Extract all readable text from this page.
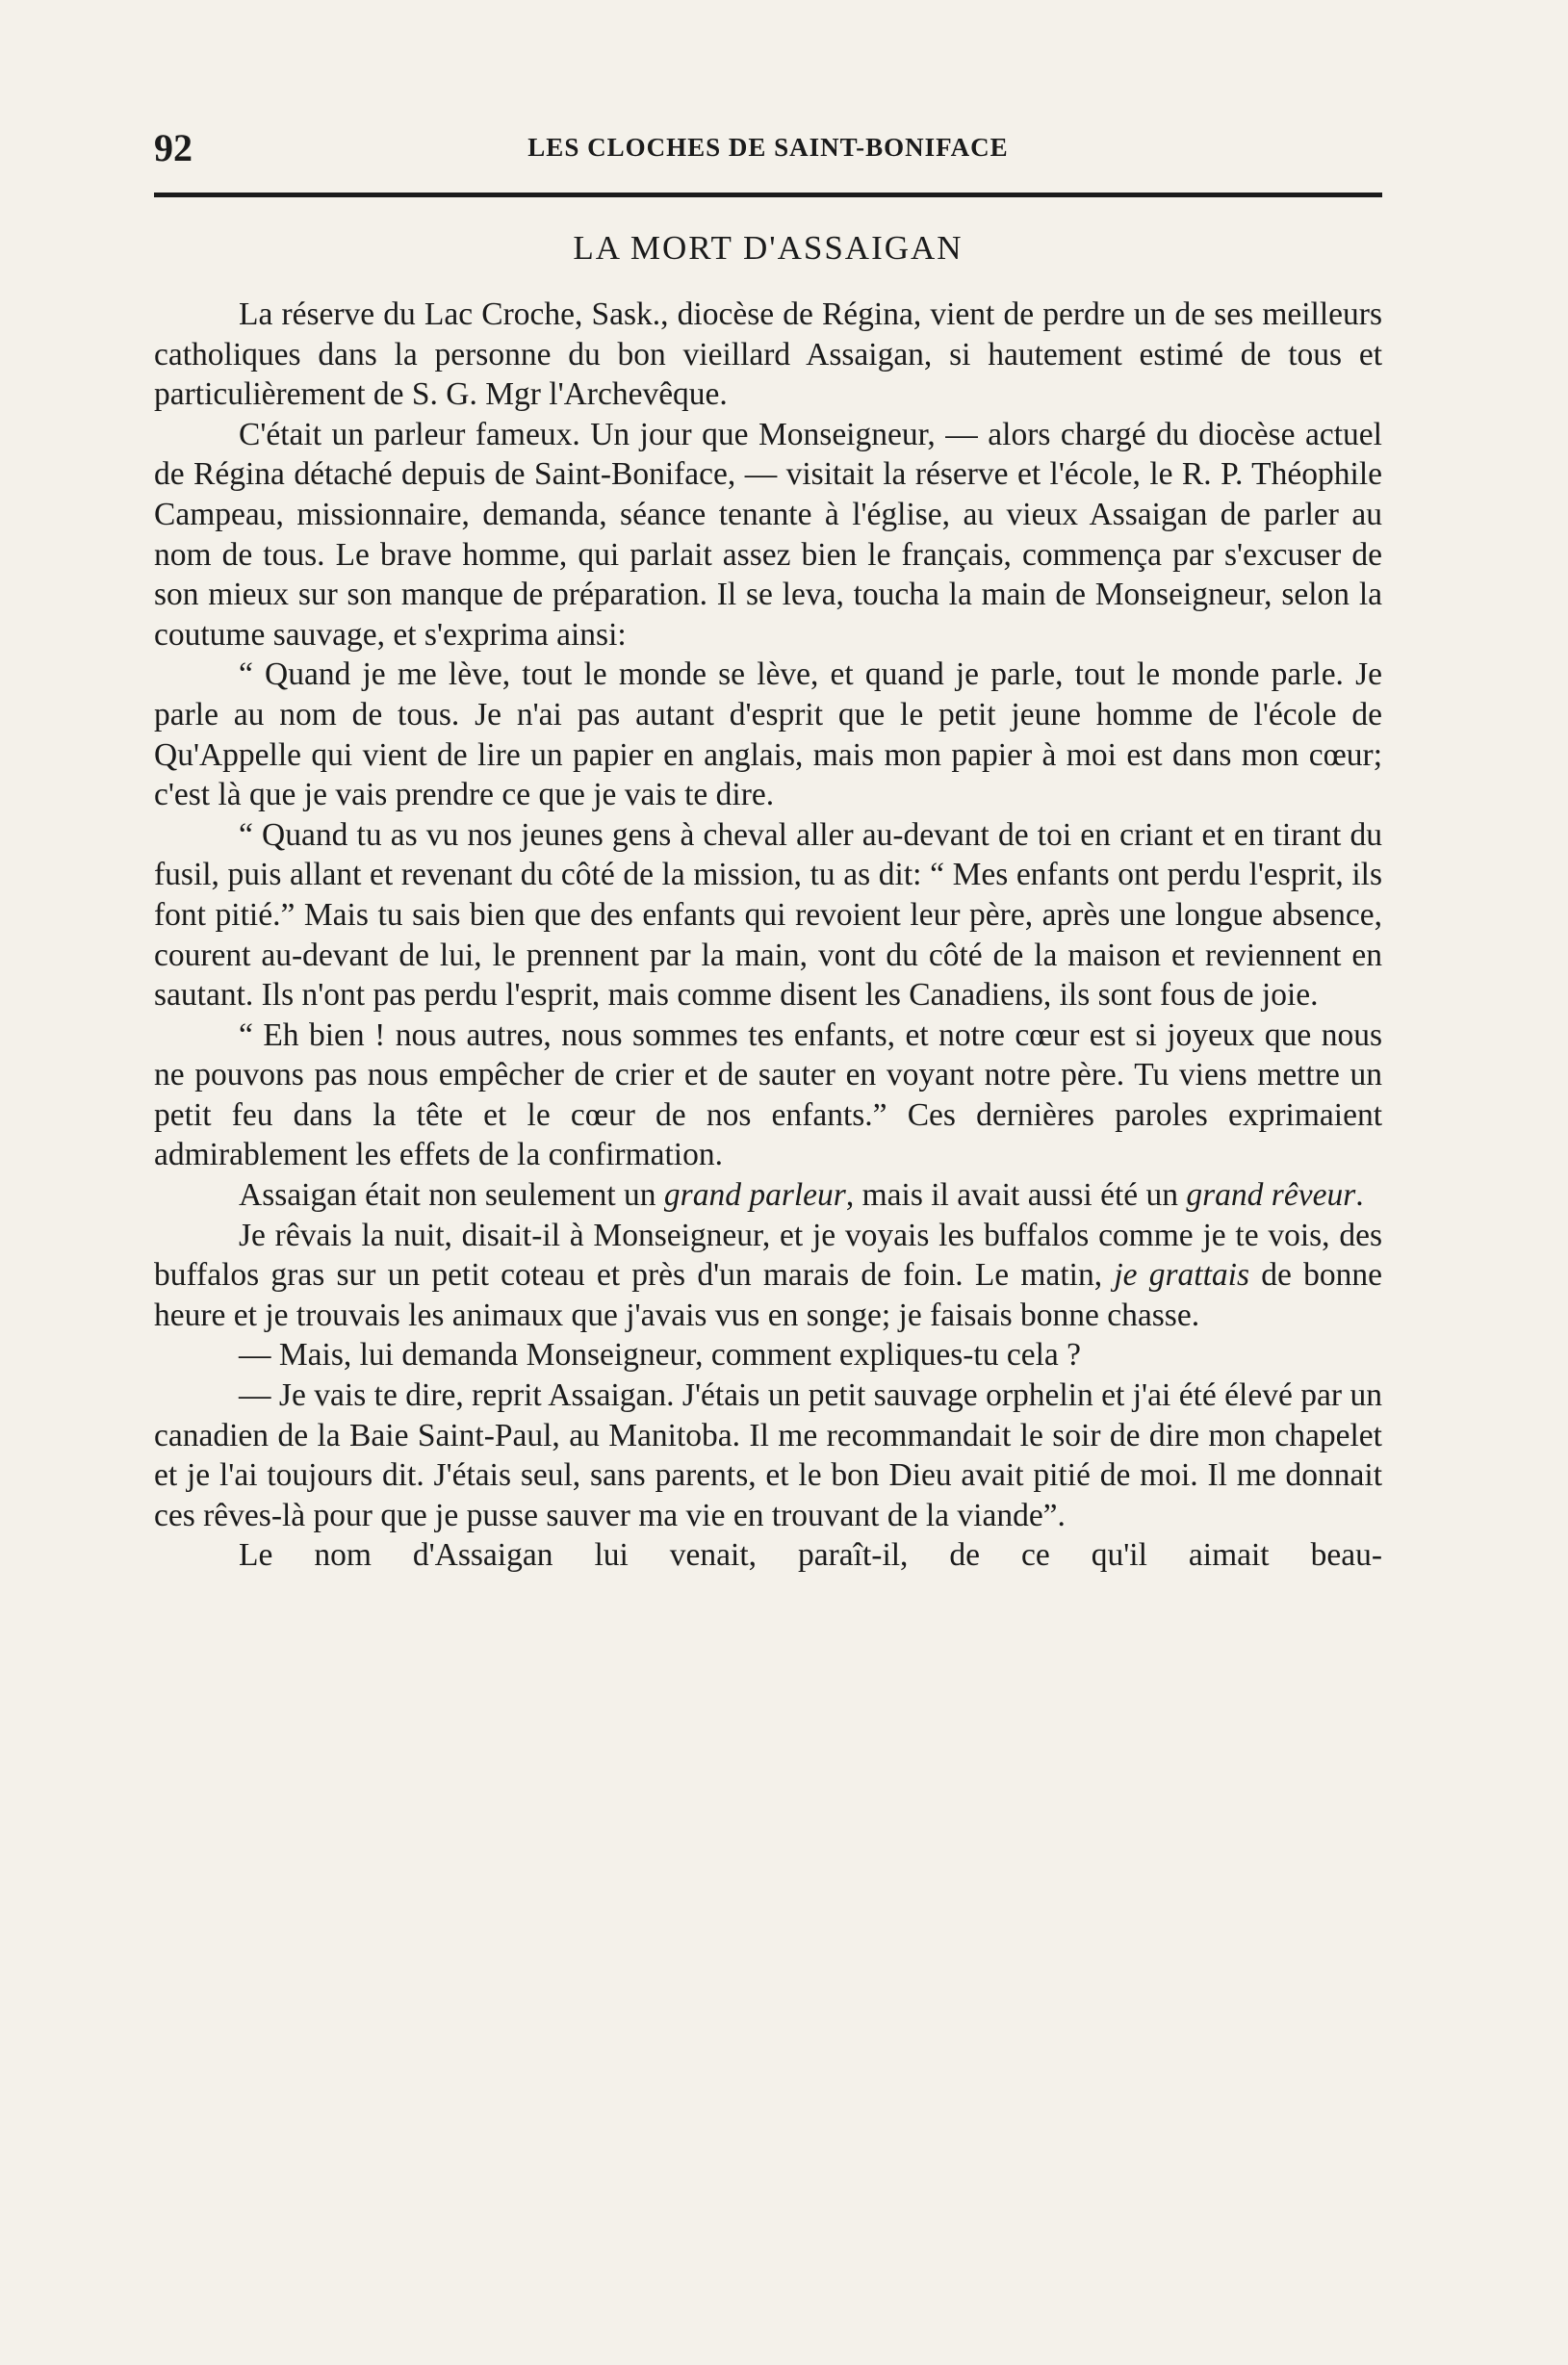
92	LES CLOCHES DE SAINT-BONIFACE
LA MORT D'ASSAIGAN

La réserve du Lac Croche, Sask., diocèse de Régina, vient de perdre un de ses meilleurs catholiques dans la personne du bon vieillard Assaigan, si hautement estimé de tous et particulièrement de S. G. Mgr l'Archevêque.

C'était un parleur fameux. Un jour que Monseigneur, — alors chargé du diocèse actuel de Régina détaché depuis de Saint-Boniface, — visitait la réserve et l'école, le R. P. Théophile Campeau, missionnaire, demanda, séance tenante à l'église, au vieux Assaigan de parler au nom de tous. Le brave homme, qui parlait assez bien le français, commença par s'excuser de son mieux sur son manque de préparation. Il se leva, toucha la main de Monseigneur, selon la coutume sauvage, et s'exprima ainsi:

“ Quand je me lève, tout le monde se lève, et quand je parle, tout le monde parle. Je parle au nom de tous. Je n'ai pas autant d'esprit que le petit jeune homme de l'école de Qu'Appelle qui vient de lire un papier en anglais, mais mon papier à moi est dans mon cœur; c'est là que je vais prendre ce que je vais te dire.

“ Quand tu as vu nos jeunes gens à cheval aller au-devant de toi en criant et en tirant du fusil, puis allant et revenant du côté de la mission, tu as dit: “ Mes enfants ont perdu l'esprit, ils font pitié.” Mais tu sais bien que des enfants qui revoient leur père, après une longue absence, courent au-devant de lui, le prennent par la main, vont du côté de la maison et reviennent en sautant. Ils n'ont pas perdu l'esprit, mais comme disent les Canadiens, ils sont fous de joie.

“ Eh bien ! nous autres, nous sommes tes enfants, et notre cœur est si joyeux que nous ne pouvons pas nous empêcher de crier et de sauter en voyant notre père. Tu viens mettre un petit feu dans la tête et le cœur de nos enfants.” Ces dernières paroles exprimaient admirablement les effets de la confirmation.

Assaigan était non seulement un grand parleur, mais il avait aussi été un grand rêveur.

Je rêvais la nuit, disait-il à Monseigneur, et je voyais les buffalos comme je te vois, des buffalos gras sur un petit coteau et près d'un marais de foin. Le matin, je grattais de bonne heure et je trouvais les animaux que j'avais vus en songe; je faisais bonne chasse.

— Mais, lui demanda Monseigneur, comment expliques-tu cela ?

— Je vais te dire, reprit Assaigan. J'étais un petit sauvage orphelin et j'ai été élevé par un canadien de la Baie Saint-Paul, au Manitoba. Il me recommandait le soir de dire mon chapelet et je l'ai toujours dit. J'étais seul, sans parents, et le bon Dieu avait pitié de moi. Il me donnait ces rêves-là pour que je pusse sauver ma vie en trouvant de la viande”.

Le nom d'Assaigan lui venait, paraît-il, de ce qu'il aimait beau-
